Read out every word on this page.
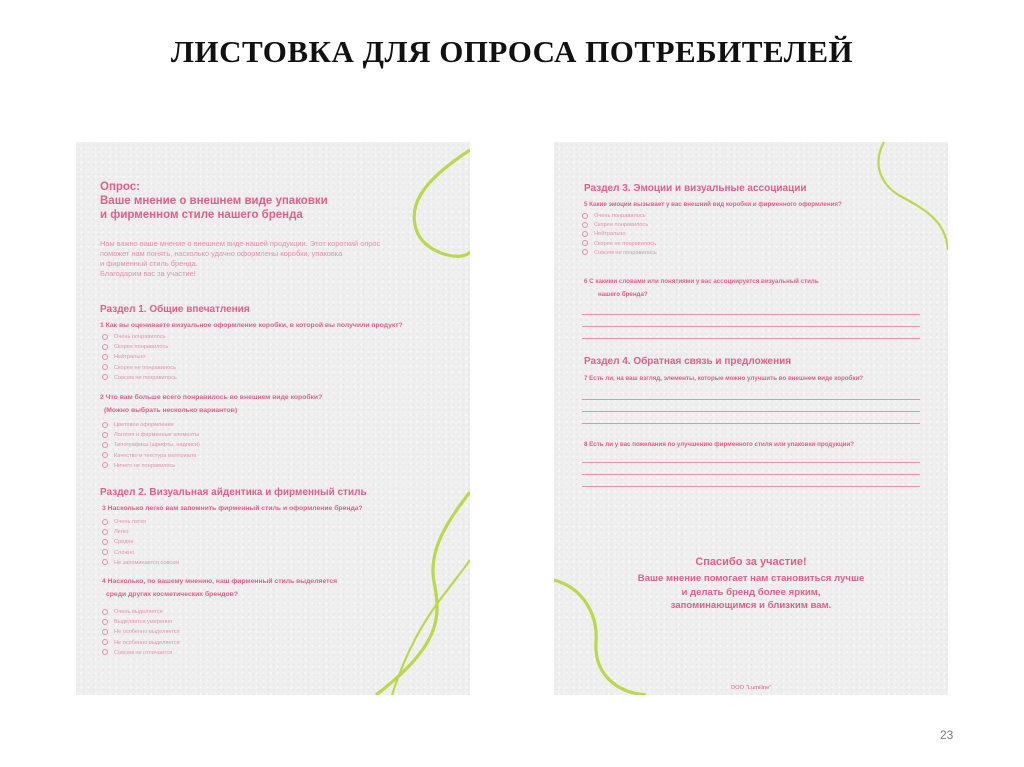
ЛИСТОВКА ДЛЯ ОПРОСА ПОТРЕБИТЕЛЕЙ
Опрос:
Ваше мнение о внешнем виде упаковки
и фирменном стиле нашего бренда
Нам важно ваше мнение о внешнем виде нашей продукции. Этот короткий опрос
поможет нам понять, насколько удачно оформлены коробки, упаковка
и фирменный стиль бренда.
Благодарим вас за участие!
Раздел 1. Общие впечатления
1 Как вы оцениваете визуальное оформление коробки, в которой вы получили продукт?
Очень понравилось
Скорее понравилось
Нейтрально
Скорее не понравилось
Совсем не понравилось
2 Что вам больше всего понравилось во внешнем виде коробки?
(Можно выбрать несколько вариантов)
Цветовое оформление
Логотип и фирменные элементы
Типографика (шрифты, надписи)
Качество и текстура материала
Ничего не понравилось
Раздел 2. Визуальная айдентика и фирменный стиль
3 Насколько легко вам запомнить фирменный стиль и оформление бренда?
Очень легко
Легко
Средне
Сложно
Не запоминается совсем
4 Насколько, по вашему мнению, наш фирменный стиль выделяется
среди других косметических брендов?
Очень выделяется
Выделяется умеренно
Не особенно выделяется
Не особенно выделяется
Совсем не отличается
Раздел 3. Эмоции и визуальные ассоциации
5 Какие эмоции вызывает у вас внешний вид коробки и фирменного оформления?
Очень понравилось
Скорее понравилось
Нейтрально
Скорее не понравилось
Совсем не понравилось
6 С какими словами или понятиями у вас ассоциируется визуальный стиль
нашего бренда?
Раздел 4. Обратная связь и предложения
7 Есть ли, на ваш взгляд, элементы, которые можно улучшить во внешнем виде коробки?
8 Есть ли у вас пожелания по улучшению фирменного стиля или упаковки продукции?
Спасибо за участие!
Ваше мнение помогает нам становиться лучше
и делать бренд более ярким,
запоминающимся и близким вам.
ООО "Lumiline"
23
